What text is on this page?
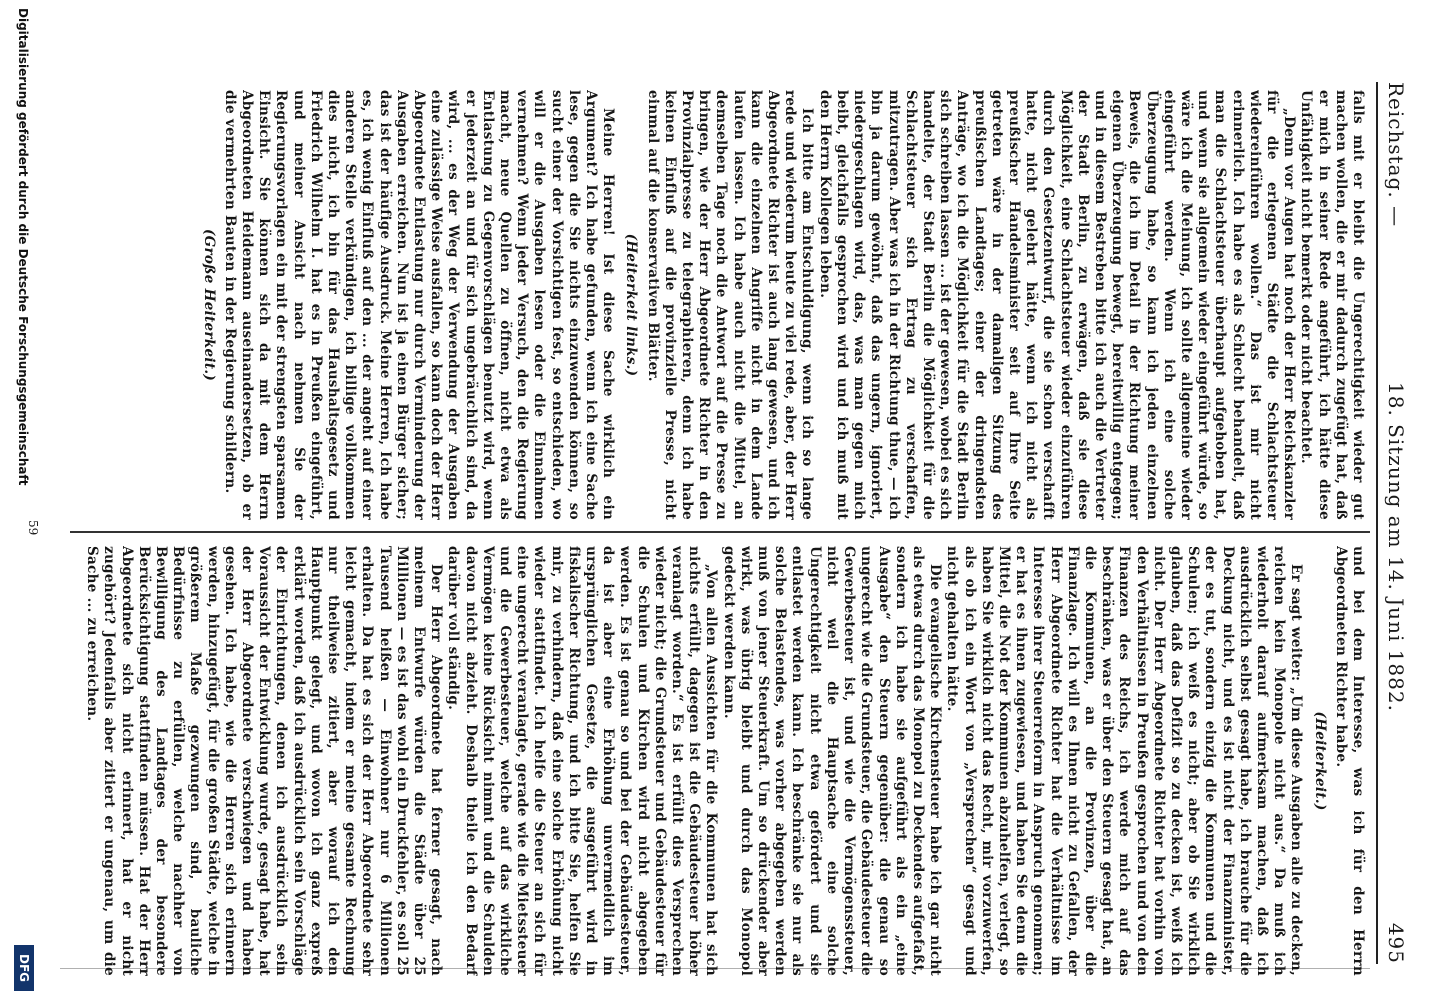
Reichstag. —
18. Sitzung am 14. Juni 1882.
495

falls mit er bleibt die Ungerechtigkeit wieder gut machen wollen, die er mir dadurch zugefügt hat, daß er mich in seiner Rede angeführt, ich hätte diese Unfähigkeit nicht bemerkt oder nicht beachtet.

„Denn vor Augen hat noch der Herr Reichskanzler für die erlegenen Städte die Schlachtsteuer wiedereinführen wollen.“ Das ist mir nicht erinnerlich. Ich habe es als Schlecht behandelt, daß man die Schlachtsteuer überhaupt aufgehoben hat, und wenn sie allgemein wieder eingeführt würde, so wäre ich die Meinung, ich sollte allgemeine wieder eingeführt werden. Wenn ich eine solche Überzeugung habe, so kann ich jeden einzelnen Beweis, die ich im Detail in der Richtung meiner eigenen Überzeugung bewegt, bereitwillig entgegen; und in diesem Bestreben bitte ich auch die Vertreter der Stadt Berlin, zu erwägen, daß sie diese Möglichkeit, eine Schlachtsteuer wieder einzuführen durch den Gesetzentwurf, die sie schon verschafft hatte, nicht gelehrt hätte, wenn ich nicht als preußischer Handelsminister seit auf Ihre Seite getreten wäre in der damaligen Sitzung des preußischen Landtages; einer der dringendsten Anträge, wo ich die Möglichkeit für die Stadt Berlin sich schreiben lassen ... ist der gewesen, wobei es sich handelte, der Stadt Berlin die Möglichkeit für die Schlachtsteuer sich Ertrag zu verschaffen, mitzutragen. Aber was ich in der Richtung thue, — ich bin ja darum gewöhnt, daß das ungern, ignoriert, niedergeschlagen wird, das, was man gegen mich beibt, gleichfalls gesprochen wird und ich muß mit den Herrn Kollegen leben.

Ich bitte am Entschuldigung, wenn ich so lange rede und wiederum heute zu viel rede, aber, der Herr Abgeordnete Richter ist auch lang gewesen, und ich kann die einzelnen Angriffe nicht in dem Lande laufen lassen. Ich habe auch nicht die Mittel, an demselben Tage noch die Antwort auf die Presse zu bringen, wie der Herr Abgeordnete Richter in den Provinzialpresse zu telegraphieren, denn ich habe keinen Einfluß auf die provinzielle Presse, nicht einmal auf die konservativen Blätter.

(Heiterkeit links.)

Meine Herren! Ist diese Sache wirklich ein Argument? Ich habe gefunden, wenn ich eine Sache lese, gegen die Sie nichts einzuwenden können, so sucht einer der Vorsichtigen fest, so entschieden, wo will er die Ausgaben lesen oder die Einnahmen vernehmen? Wenn jeder Versuch, den die Regierung macht, neue Quellen zu öffnen, nicht etwa als Entlastung zu Gegenvorschlägen benutzt wird, wenn er jederzeit an und für sich ungebräuchlich sind, da wird, ... es der Weg der Verwendung der Ausgaben eine zulässige Weise ausfallen, so kann doch der Herr Abgeordnete Entlastung nur durch Verminderung der Ausgaben erreichen. Nun ist ja einen Bürger sicher; das ist der häufige Ausdruck. Meine Herren, Ich habe es, ich wenig Einfluß auf den ... der angeht auf einer anderen Stelle verkündigen, ich billige vollkommen dies nicht, ich bin für das Haushaltsgesetz und Friedrich Wilhelm I. hat es in Preußen eingeführt, und meiner Ansicht nach nehmen Sie der Regierungsvorlagen ein mit der strengsten sparsamen Einsicht. Sie können sich da mit dem Herrn Abgeordneten Heidemann auseinandersetzen, ob er die vermehrten Bauten in der Regierung schildern.

(Große Heiterkeit.)

und bei dem Interesse, was ich für den Herrn Abgeordneten Richter habe.

(Heiterkeit.)

Er sagt weiter: „Um diese Ausgaben alle zu decken, reichen kein Monopole nicht aus.“ Da muß ich wiederholt darauf aufmerksam machen, daß ich ausdrücklich selbst gesagt habe, ich brauche für die Deckung nicht, und es ist nicht der Finanzminister, der es tut, sondern einzig die Kommunen und die Schulen; ich weiß es nicht; aber ob Sie wirklich glauben, daß das Defizit so zu decken ist, weiß ich nicht. Der Herr Abgeordnete Richter hat vorhin von den Verhältnissen in Preußen gesprochen und von den Finanzen des Reichs, ich werde mich auf das beschränken, was er über den Steuern gesagt hat, an die Kommunen, an die Provinzen, über die Finanzlage. Ich will es Ihnen nicht zu Gefallen, der Herr Abgeordnete Richter hat die Verhältnisse im Interesse ihrer Steuerreform in Anspruch genommen; er hat es ihnen zugewiesen, und haben Sie denn die Mittel, die Not der Kommunen abzuhelfen, verlegt, so haben Sie wirklich nicht das Recht, mir vorzuwerfen, als ob ich ein Wort von „Versprechen“ gesagt und nicht gehalten hätte.

Die evangelische Kirchensteuer habe ich gar nicht als etwas durch das Monopol zu Deckendes aufgefaßt, sondern ich habe sie aufgeführt als ein „eine Ausgabe“ den Steuern gegenüber: die genau so ungerecht wie die Grundsteuer, die Gebäudesteuer die Gewerbesteuer ist, und wie die Vermögenssteuer, nicht weil die Hauptsache eine solche Ungerechtigkeit nicht etwa gefördert und sie entlastet werden kann. Ich beschränke sie nur als solche Belastendes, was vorher abgegeben werden muß von jener Steuerkraft. Um so drückender aber wirkt, was übrig bleibt und durch das Monopol gedeckt werden kann.

„Von allen Aussichten für die Kommunen hat sich nichts erfüllt, dagegen ist die Gebäudesteuer höher veranlagt worden.“ Es ist erfüllt dies Versprechen wieder nicht; die Grundsteuer und Gebäudesteuer für die Schulen und Kirchen wird nicht abgegeben werden. Es ist genau so und bei der Gebäudesteuer, da ist aber eine Erhöhung unvermeidlich im ursprünglichen Gesetze, die ausgeführt wird in fiskalischer Richtung, und ich bitte Sie, helfen Sie mir, zu verhindern, daß eine solche Erhöhung nicht wieder stattfindet. Ich helfe die Steuer an sich für eine ungerecht veranlagte, gerade wie die Mietssteuer und die Gewerbesteuer, welche auf das wirkliche Vermögen keine Rücksicht nimmt und die Schulden davon nicht abzieht. Deshalb theile ich den Bedarf darüber voll ständig.

Der Herr Abgeordnete hat ferner gesagt, nach meinem Entwurfe würden die Städte über 25 Millionen — es ist das wohl ein Druckfehler, es soll 25 Tausend heißen — Einwohner nur 6 Millionen erhalten. Da hat es sich der Herr Abgeordnete sehr leicht gemacht, indem er meine gesamte Rechnung nur theilweise zitiert, aber worauf ich den Hauptpunkt gelegt, und wovon ich ganz expreß erklärt worden, daß ich ausdrücklich sein Vorschläge der Einrichtungen, denen ich ausdrücklich sein Voraussicht der Entwicklung wurde, gesagt habe, hat der Herr Abgeordnete verschwiegen und haben gesehen. Ich habe, wie die Herren sich erinnern werden, hinzugefügt, für die großen Städte, welche in größerem Maße gezwungen sind, bauliche Bedürfnisse zu erfüllen, welche nachher von Bewilligung des Landtages der besondere Berücksichtigung stattfinden müssen. Hat der Herr Abgeordnete sich nicht erinnert, hat er nicht zugehört? Jedenfalls aber zitiert er ungenau, um die Sache ... zu erreichen.

59
Digitalisierung gefördert durch die Deutsche Forschungsgemeinschaft
DFG
